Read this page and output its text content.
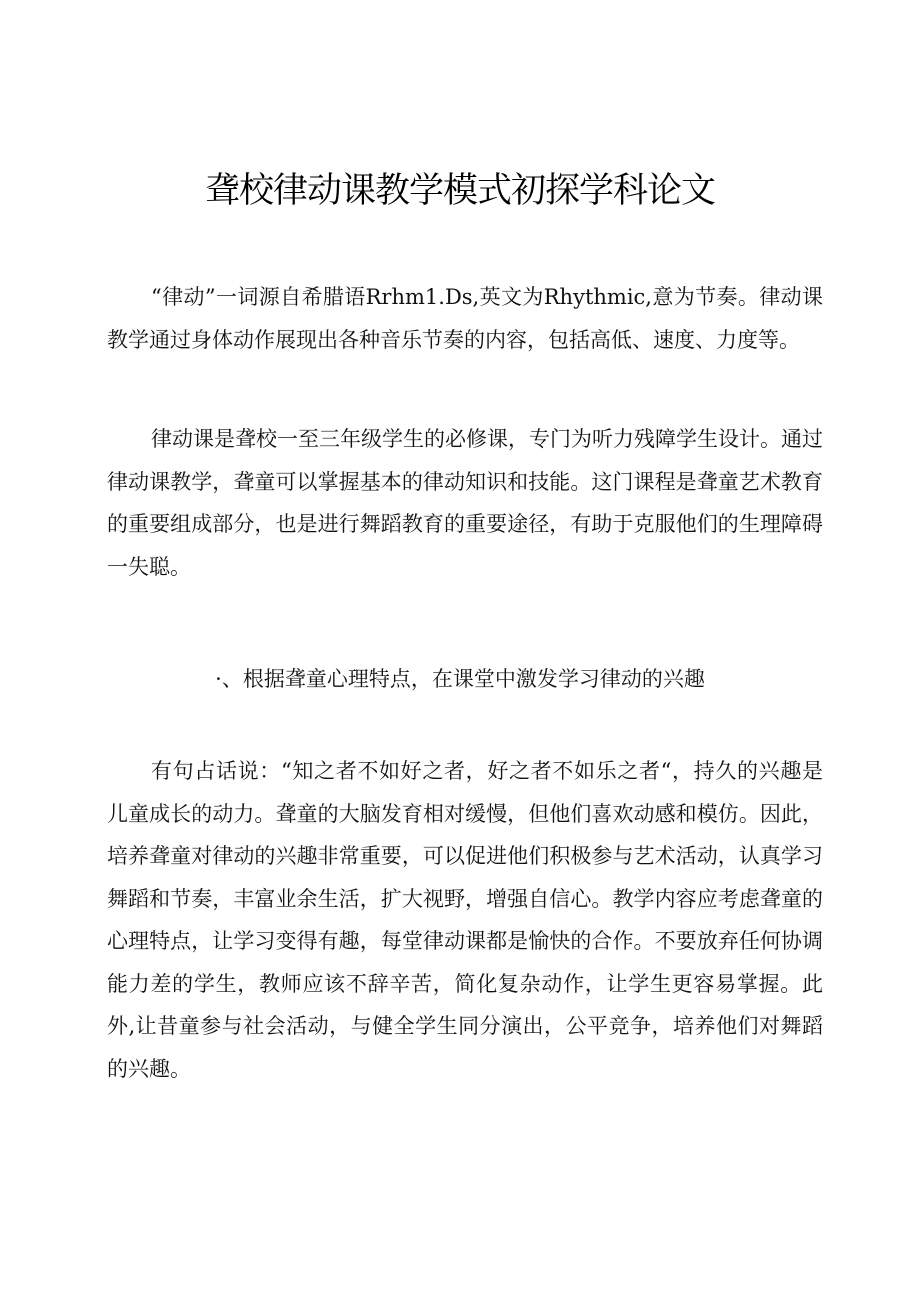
聋校律动课教学模式初探学科论文

“律动”一词源自希腊语Rrhm1.Ds,英文为Rhythmic,意为节奏。律动课教学通过身体动作展现出各种音乐节奏的内容，包括高低、速度、力度等。

律动课是聋校一至三年级学生的必修课，专门为听力残障学生设计。通过律动课教学，聋童可以掌握基本的律动知识和技能。这门课程是聋童艺术教育的重要组成部分，也是进行舞蹈教育的重要途径，有助于克服他们的生理障碍一失聪。

·、根据聋童心理特点，在课堂中激发学习律动的兴趣

有句占话说：“知之者不如好之者，好之者不如乐之者“，持久的兴趣是儿童成长的动力。聋童的大脑发育相对缓慢，但他们喜欢动感和模仿。因此，培养聋童对律动的兴趣非常重要，可以促进他们积极参与艺术活动，认真学习舞蹈和节奏，丰富业余生活，扩大视野，增强自信心。教学内容应考虑聋童的心理特点，让学习变得有趣，每堂律动课都是愉快的合作。不要放弃任何协调能力差的学生，教师应该不辞辛苦，简化复杂动作，让学生更容易掌握。此外,让昔童参与社会活动，与健全学生同分演出，公平竞争，培养他们对舞蹈的兴趣。
